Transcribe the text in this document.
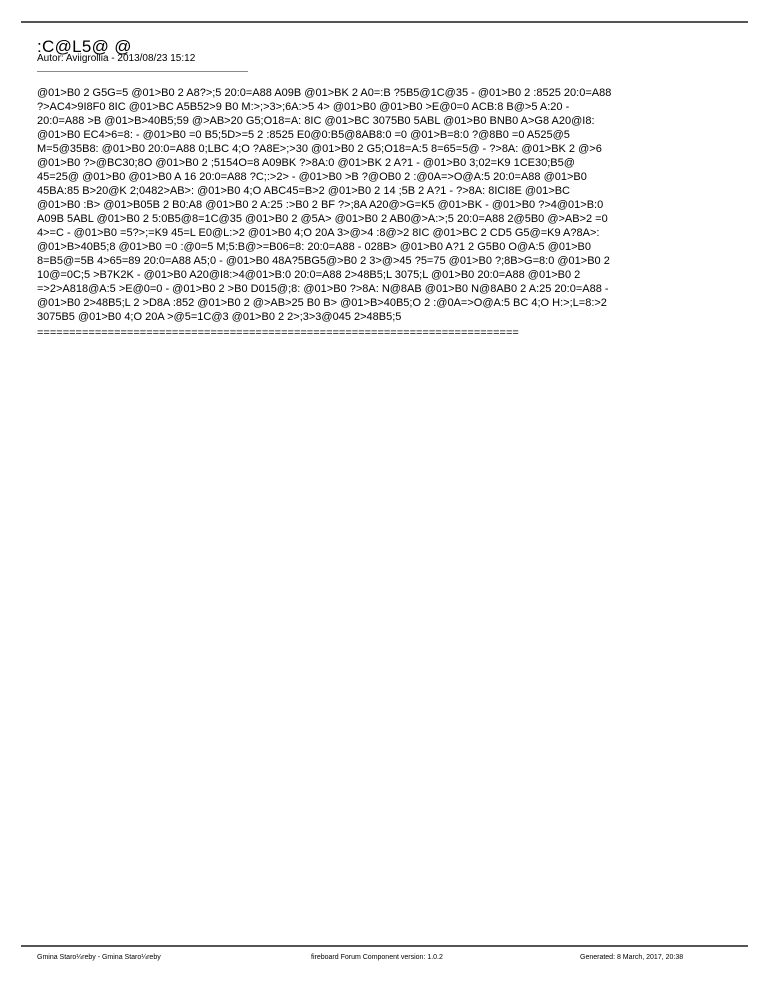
:C@L5@ @
Autor: Aviigrollia - 2013/08/23 15:12
@01>B0 2 G5G=5 @01>B0 2 A8?>;5 20:0=A88 A09B @01>BK 2 A0=:B ?5B5@1C@35 - @01>B0 2 :8525 20:0=A88
?>AC4>9I8F0 8IC @01>BC A5B52>9 B0 M:>;>3>;6A:>5 4> @01>B0 @01>B0 >E@0=0 ACB:8 B@>5 A:20 -
20:0=A88 >B @01>B>40B5;59 @>AB>20 G5;O18=A: 8IC @01>BC 3075B0 5ABL @01>B0 BNB0 A>G8 A20@I8:
@01>B0 EC4>6=8: - @01>B0 =0 B5;5D>=5 2 :8525 E0@0:B5@8AB8:0 =0 @01>B=8:0 ?@8B0 =0 A525@5
M=5@35B8: @01>B0 20:0=A88 0;LBC 4;O ?A8E>;>30 @01>B0 2 G5;O18=A:5 8=65=5@ - ?>8A: @01>BK 2 @>6
@01>B0 ?>@BC30;8O @01>B0 2 ;5154O=8 A09BK ?>8A:0 @01>BK 2 A?1 - @01>B0 3;02=K9 1CE30;B5@
45=25@ @01>B0 @01>B0 A 16 20:0=A88 ?C;:>2> - @01>B0 >B ?@OB0 2 :@0A=>O@A:5 20:0=A88 @01>B0
45BA:85 B>20@K 2;0482>AB>: @01>B0 4;O ABC45=B>2 @01>B0 2 14 ;5B 2 A?1 - ?>8A: 8ICI8E @01>BC
@01>B0 :B> @01>B05B 2 B0:A8 @01>B0 2 A:25 :>B0 2 BF ?>;8A A20@>G=K5 @01>BK - @01>B0 ?>4@01>B:0
A09B 5ABL @01>B0 2 5:0B5@8=1C@35 @01>B0 2 @5A> @01>B0 2 AB0@>A:>;5 20:0=A88 2@5B0 @>AB>2 =0
4>=C - @01>B0 =5?>;=K9 45=L E0@L:>2 @01>B0 4;O 20A 3>@>4 :8@>2 8IC @01>BC 2 CD5 G5@=K9 A?8A>:
@01>B>40B5;8 @01>B0 =0 :@0=5 M;5:B@>=B06=8: 20:0=A88 - 028B> @01>B0 A?1 2 G5B0 O@A:5 @01>B0
8=B5@=5B 4>65=89 20:0=A88 A5;0 - @01>B0 48A?5BG5@>B0 2 3>@>45 ?5=75 @01>B0 ?;8B>G=8:0 @01>B0 2
10@=0C;5 >B7K2K - @01>B0 A20@I8:>4@01>B:0 20:0=A88 2>48B5;L 3075;L @01>B0 20:0=A88 @01>B0 2
=>2>A818@A:5 >E@0=0 - @01>B0 2 >B0 D015@;8: @01>B0 ?>8A: N@8AB @01>B0 N@8AB0 2 A:25 20:0=A88 -
@01>B0 2>48B5;L 2 >D8A :852 @01>B0 2 @>AB>25 B0 B> @01>B>40B5;O 2 :@0A=>O@A:5 BC 4;O H:>;L=8:>2
3075B5 @01>B0 4;O 20A >@5=1C@3 @01>B0 2 2>;3>3@045 2>48B5;5
===========================================================================
Gmina Staro¼reby - Gmina Staro¼reby	fireboard Forum Component version: 1.0.2	Generated: 8 March, 2017, 20:38
